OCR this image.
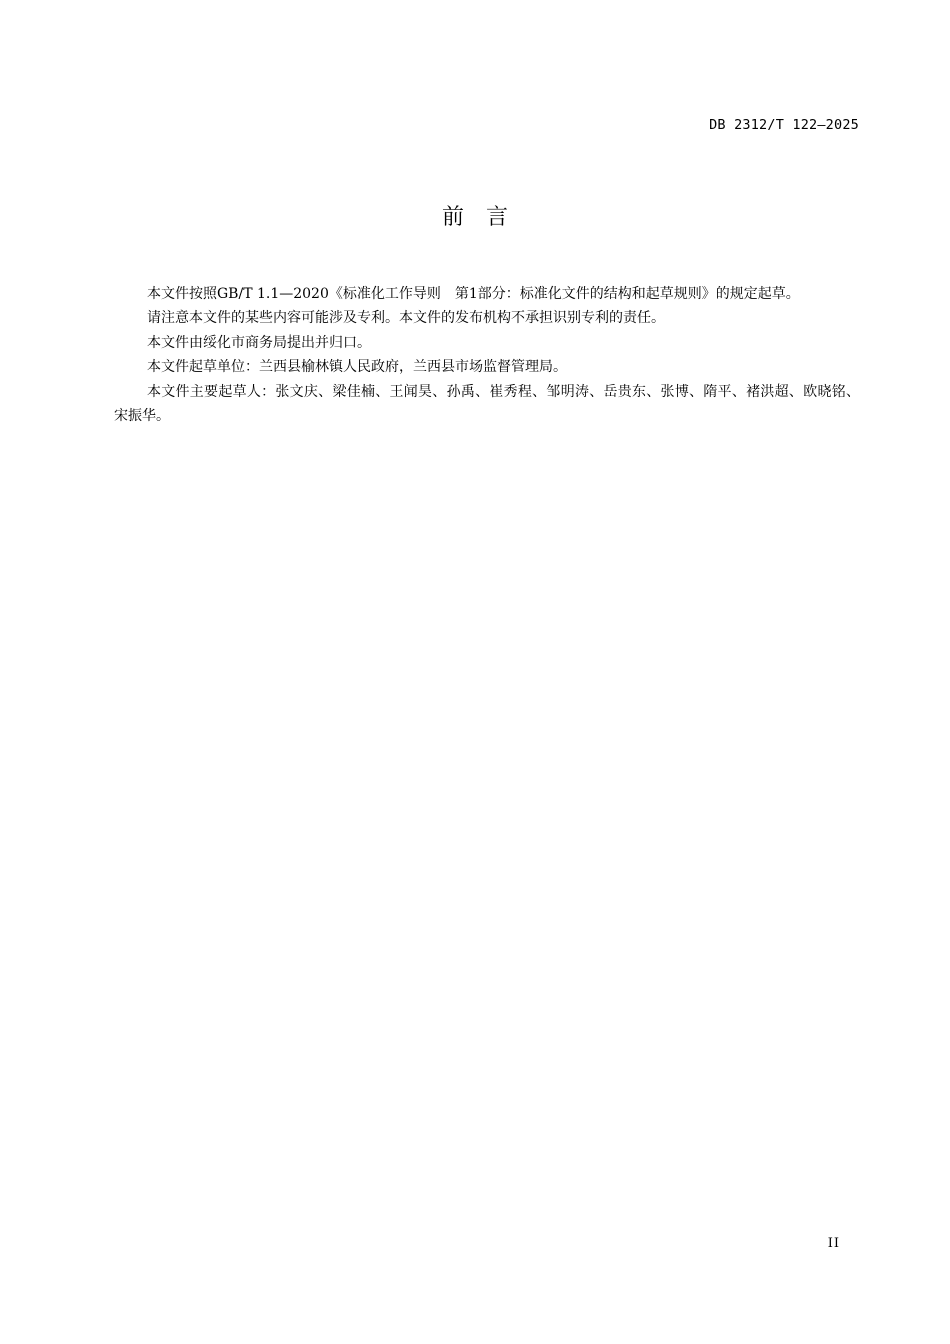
DB 2312/T 122—2025
前　言

本文件按照GB/T 1.1—2020《标准化工作导则　第1部分：标准化文件的结构和起草规则》的规定起草。

请注意本文件的某些内容可能涉及专利。本文件的发布机构不承担识别专利的责任。

本文件由绥化市商务局提出并归口。

本文件起草单位：兰西县榆林镇人民政府，兰西县市场监督管理局。

本文件主要起草人：张文庆、梁佳楠、王闻昊、孙禹、崔秀程、邹明涛、岳贵东、张博、隋平、褚洪超、欧晓铭、宋振华。

II
